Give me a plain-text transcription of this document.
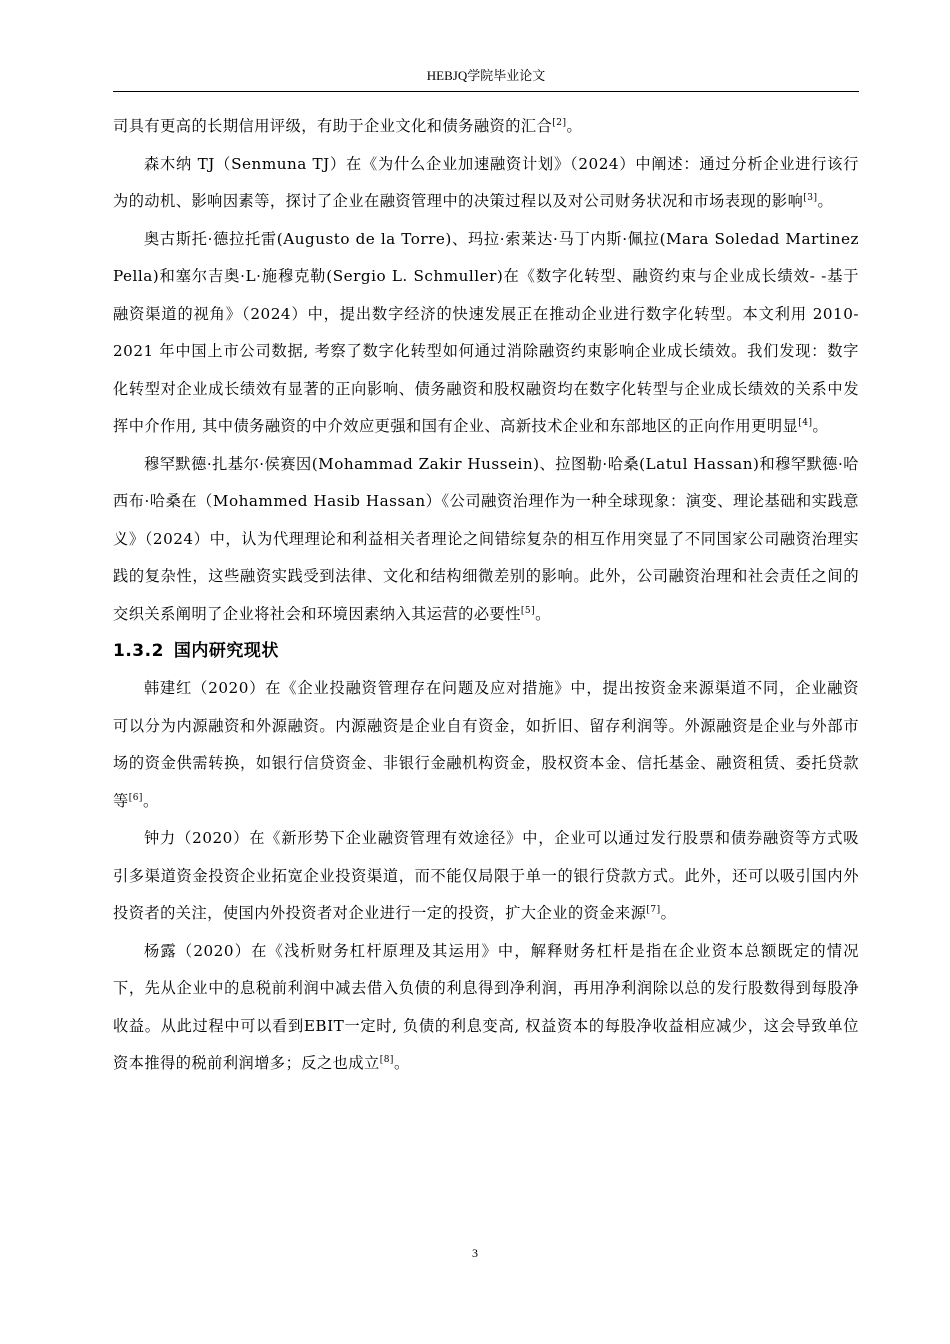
HEBJQ学院毕业论文

司具有更高的长期信用评级，有助于企业文化和债务融资的汇合[2]。

森木纳 TJ（Senmuna TJ）在《为什么企业加速融资计划》（2024）中阐述：通过分析企业进行该行为的动机、影响因素等，探讨了企业在融资管理中的决策过程以及对公司财务状况和市场表现的影响[3]。

奥古斯托·德拉托雷(Augusto de la Torre)、玛拉·索莱达·马丁内斯·佩拉(Mara Soledad Martinez Pella)和塞尔吉奥·L·施穆克勒(Sergio L. Schmuller)在《数字化转型、融资约束与企业成长绩效- -基于融资渠道的视角》（2024）中，提出数字经济的快速发展正在推动企业进行数字化转型。本文利用 2010-2021 年中国上市公司数据, 考察了数字化转型如何通过消除融资约束影响企业成长绩效。我们发现：数字化转型对企业成长绩效有显著的正向影响、债务融资和股权融资均在数字化转型与企业成长绩效的关系中发挥中介作用, 其中债务融资的中介效应更强和国有企业、高新技术企业和东部地区的正向作用更明显[4]。

穆罕默德·扎基尔·侯赛因(Mohammad Zakir Hussein)、拉图勒·哈桑(Latul Hassan)和穆罕默德·哈西布·哈桑在（Mohammed Hasib Hassan）《公司融资治理作为一种全球现象：演变、理论基础和实践意义》（2024）中，认为代理理论和利益相关者理论之间错综复杂的相互作用突显了不同国家公司融资治理实践的复杂性，这些融资实践受到法律、文化和结构细微差别的影响。此外，公司融资治理和社会责任之间的交织关系阐明了企业将社会和环境因素纳入其运营的必要性[5]。

1.3.2 国内研究现状

韩建红（2020）在《企业投融资管理存在问题及应对措施》中，提出按资金来源渠道不同，企业融资可以分为内源融资和外源融资。内源融资是企业自有资金，如折旧、留存利润等。外源融资是企业与外部市场的资金供需转换，如银行信贷资金、非银行金融机构资金，股权资本金、信托基金、融资租赁、委托贷款等[6]。

钟力（2020）在《新形势下企业融资管理有效途径》中，企业可以通过发行股票和债券融资等方式吸引多渠道资金投资企业拓宽企业投资渠道，而不能仅局限于单一的银行贷款方式。此外，还可以吸引国内外投资者的关注，使国内外投资者对企业进行一定的投资，扩大企业的资金来源[7]。

杨露（2020）在《浅析财务杠杆原理及其运用》中，解释财务杠杆是指在企业资本总额既定的情况下，先从企业中的息税前利润中减去借入负债的利息得到净利润，再用净利润除以总的发行股数得到每股净收益。从此过程中可以看到EBIT一定时, 负债的利息变高, 权益资本的每股净收益相应减少，这会导致单位资本推得的税前利润增多；反之也成立[8]。

3
